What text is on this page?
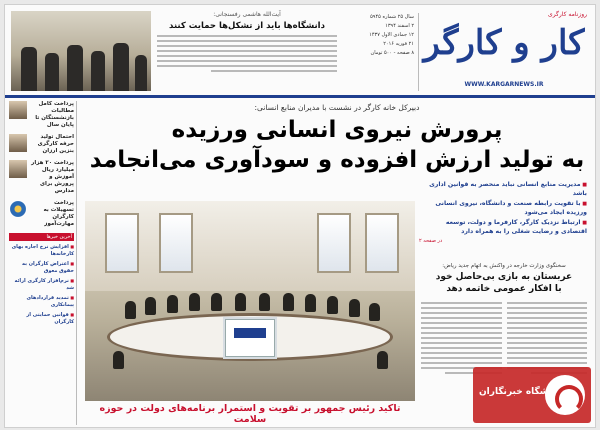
روزنامه کارگری
کار و کارگر
WWW.KARGARNEWS.IR
سال ۲۵ شماره ۵۹۴۵
۲ اسفند ۱۳۹۴
۱۲ جمادی الاول ۱۴۳۷
۲۱ فوریه ۲۰۱۶
۸ صفحه - ۵۰۰ تومان
آیت‌الله هاشمی رفسنجانی:
دانشگاه‌ها باید از تشکل‌ها حمایت کنند
پرداخت کامل مطالبات بازنشستگان تا پایان سال
احتمال تولید حرفه کارگری بنزین ارزان
پرداخت ۲۰ هزار میلیارد ریال آموزش و پرورش برای مدارس
پرداخت تسهیلات به کارگران مهارت‌آموز
آخرین خبرها
■ افزایش نرخ اجاره بهای کارخانه‌ها
■ اعتراض کارگران به حقوق معوق
■ نرم‌افزار کارگری ارائه شد
■ تمدید قراردادهای پیمانکاری
■ قوانین حمایتی از کارگران
دبیرکل خانه کارگر در نشست با مدیران منابع انسانی:
پرورش نیروی انسانی ورزیده
به تولید ارزش افزوده و سودآوری می‌انجامد
■ مدیریت منابع انسانی نباید منحصر به قوانین اداری باشد
■ با تقویت رابطه صنعت و دانشگاه، نیروی انسانی ورزیده ایجاد می‌شود
■ ارتباط نزدیک کارگر، کارفرما و دولت، توسعه اقتصادی و رضایت شغلی را به همراه دارد
در صفحه ۲
تاکید رئیس جمهور بر تقویت و استمرار برنامه‌های دولت در حوزه سلامت
سخنگوی وزارت خارجه در واکنش به اتهام جدید ریاض:
عربستان به بازی بی‌حاصل خود
با افکار عمومی خاتمه دهد
باشگاه خبرنگاران
